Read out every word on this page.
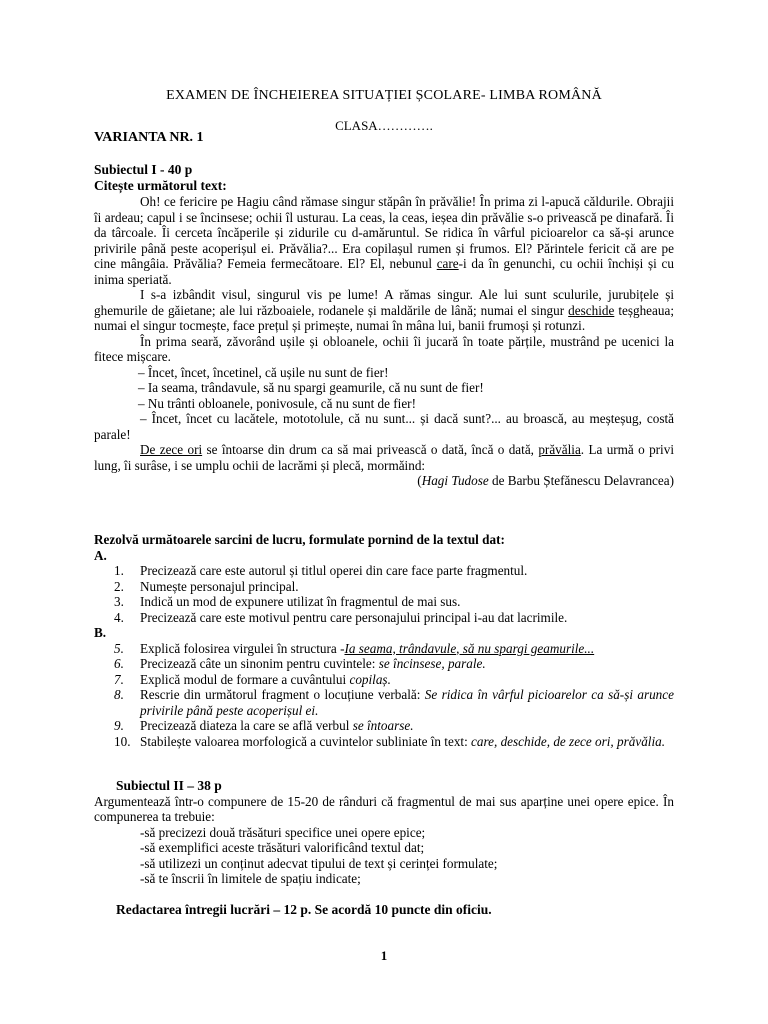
EXAMEN DE ÎNCHEIEREA SITUAȚIEI ȘCOLARE- LIMBA ROMÂNĂ
CLASA………….
VARIANTA NR. 1
Subiectul I - 40 p
Citește următorul text:

Oh! ce fericire pe Hagiu când rămase singur stăpân în prăvălie! În prima zi l-apucă căldurile. Obrajii îi ardeau; capul i se încinsese; ochii îl usturau. La ceas, la ceas, ieșea din prăvălie s-o privească pe dinafară. Îi da târcoale. Îi cerceta încăperile și zidurile cu d-amăruntul. Se ridica în vârful picioarelor ca să-și arunce privirile până peste acoperișul ei. Prăvălia?... Era copilașul rumen și frumos. El? Părintele fericit că are pe cine mângâia. Prăvălia? Femeia fermecătoare. El? El, nebunul care-i da în genunchi, cu ochii închiși și cu inima speriată.

I s-a izbândit visul, singurul vis pe lume! A rămas singur. Ale lui sunt sculurile, jurubițele și ghemurile de găietane; ale lui războaiele, rodanele și maldările de lână; numai el singur deschide teșgheaua; numai el singur tocmește, face prețul și primește, numai în mâna lui, banii frumoși și rotunzi.

În prima seară, zăvorând ușile și obloanele, ochii îi jucară în toate părțile, mustrând pe ucenici la fitece mișcare.

– Încet, încet, încetinel, că ușile nu sunt de fier!

– Ia seama, trândavule, să nu spargi geamurile, că nu sunt de fier!

– Nu trânti obloanele, ponivosule, că nu sunt de fier!

– Încet, încet cu lacătele, mototolule, că nu sunt... și dacă sunt?... au broască, au meșteșug, costă parale!

De zece ori se întoarse din drum ca să mai privească o dată, încă o dată, prăvălia. La urmă o privi lung, îi surâse, i se umplu ochii de lacrămi și plecă, mormăind:

(Hagi Tudose de Barbu Ștefănescu Delavrancea)

Rezolvă următoarele sarcini de lucru, formulate pornind de la textul dat:
A.
1.	Precizează care este autorul și titlul operei din care face parte fragmentul.
2.	Numește personajul principal.
3.	Indică un mod de expunere utilizat în fragmentul de mai sus.
4.	Precizează care este motivul pentru care personajului principal i-au dat lacrimile.
B.
5.	Explică folosirea virgulei în structura -Ia seama, trândavule, să nu spargi geamurile...
6.	Precizează câte un sinonim pentru cuvintele: se încinsese, parale.
7.	Explică modul de formare a cuvântului copilaș.
8.	Rescrie din următorul fragment o locuțiune verbală: Se ridica în vârful picioarelor ca să-și arunce privirile până peste acoperișul ei.
9.	Precizează diateza la care se află verbul se întoarse.
10. Stabilește valoarea morfologică a cuvintelor subliniate în text: care, deschide, de zece ori, prăvălia.
Subiectul II – 38 p
Argumentează într-o compunere de 15-20 de rânduri că fragmentul de mai sus aparține unei opere epice. În compunerea ta trebuie:
-să precizezi două trăsături specifice unei opere epice;
-să exemplifici aceste trăsături valorificând textul dat;
-să utilizezi un conținut adecvat tipului de text și cerinței formulate;
-să te înscrii în limitele de spațiu indicate;
Redactarea întregii lucrări – 12 p. Se acordă 10 puncte din oficiu.
1
